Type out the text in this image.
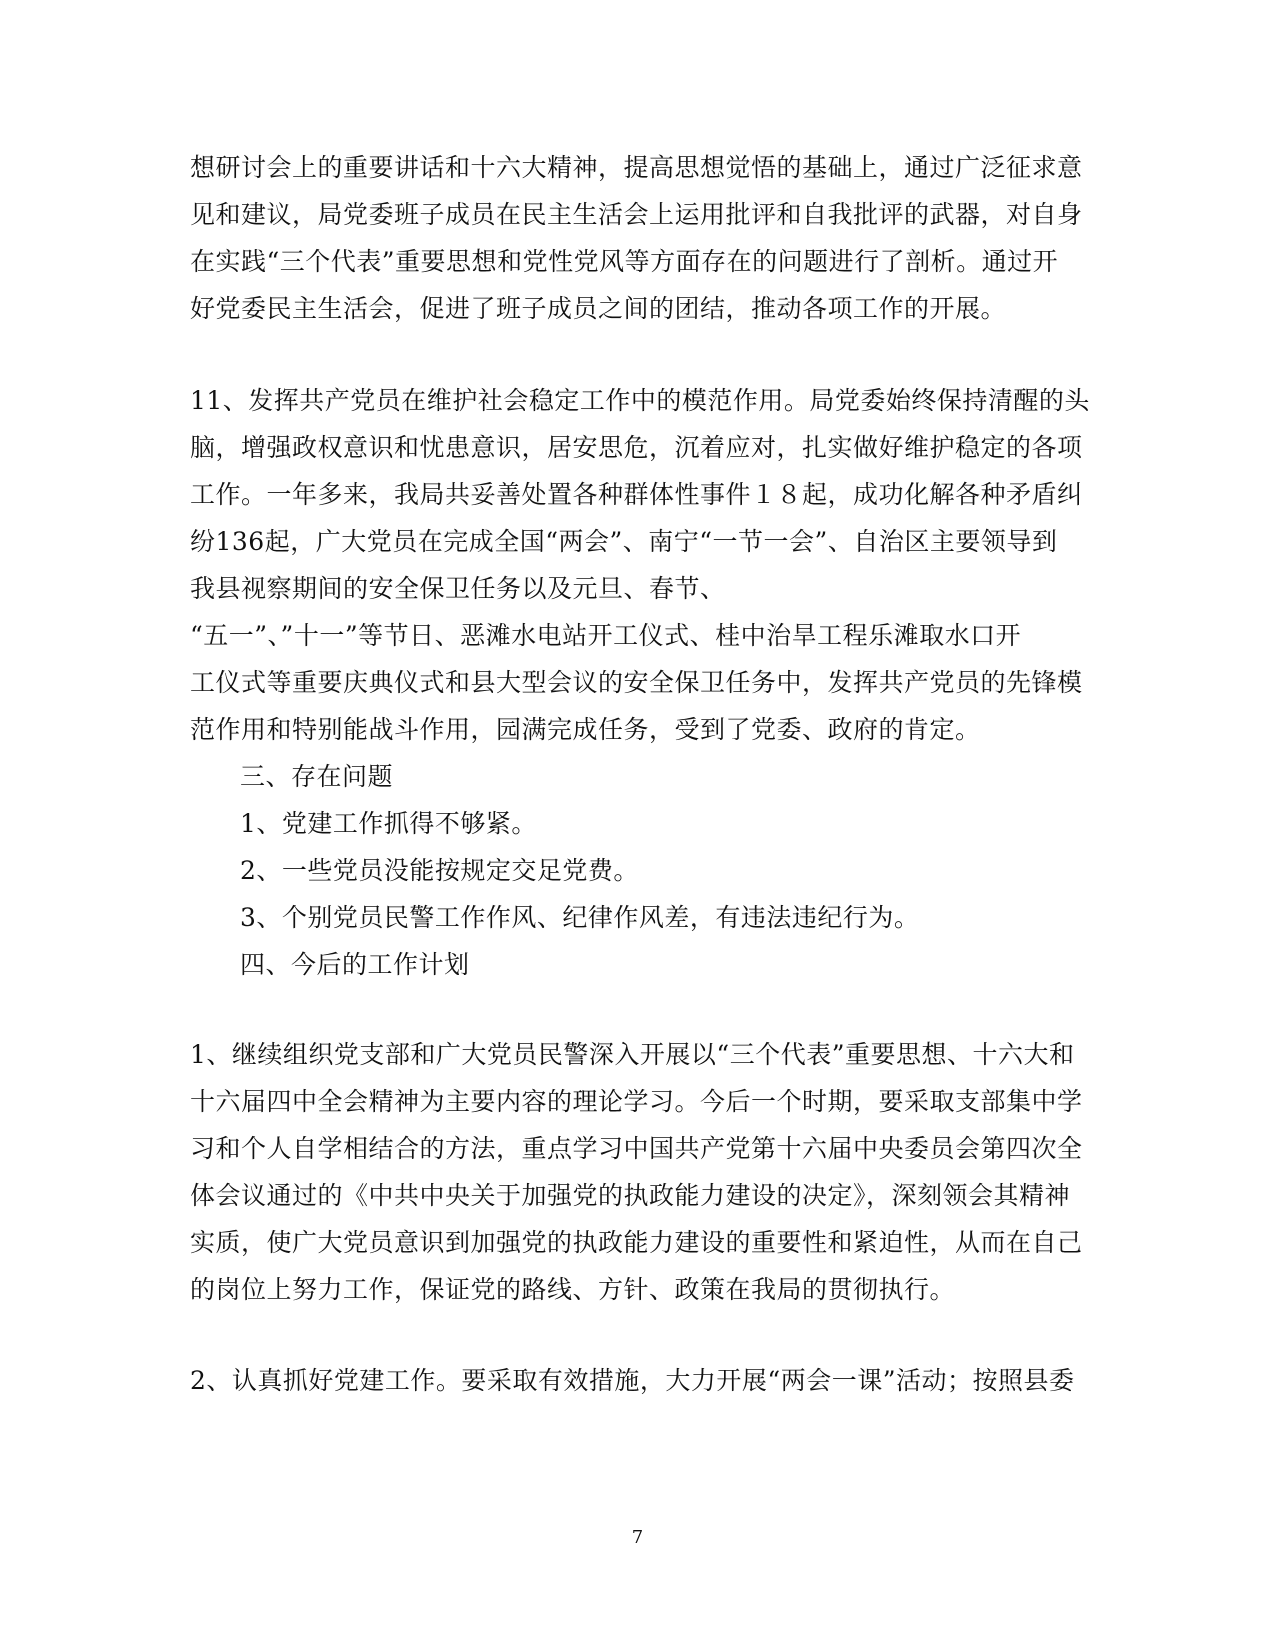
想研讨会上的重要讲话和十六大精神，提高思想觉悟的基础上，通过广泛征求意
见和建议，局党委班子成员在民主生活会上运用批评和自我批评的武器，对自身
在实践“三个代表”重要思想和党性党风等方面存在的问题进行了剖析。通过开
好党委民主生活会，促进了班子成员之间的团结，推动各项工作的开展。
11、发挥共产党员在维护社会稳定工作中的模范作用。局党委始终保持清醒的头
脑，增强政权意识和忧患意识，居安思危，沉着应对，扎实做好维护稳定的各项
工作。一年多来，我局共妥善处置各种群体性事件１８起，成功化解各种矛盾纠
纷136起，广大党员在完成全国“两会”、南宁“一节一会”、自治区主要领导到
我县视察期间的安全保卫任务以及元旦、春节、
“五一”、”十一”等节日、恶滩水电站开工仪式、桂中治旱工程乐滩取水口开
工仪式等重要庆典仪式和县大型会议的安全保卫任务中，发挥共产党员的先锋模
范作用和特别能战斗作用，园满完成任务，受到了党委、政府的肯定。
三、存在问题
1、党建工作抓得不够紧。
2、一些党员没能按规定交足党费。
3、个别党员民警工作作风、纪律作风差，有违法违纪行为。
四、今后的工作计划
1、继续组织党支部和广大党员民警深入开展以“三个代表”重要思想、十六大和
十六届四中全会精神为主要内容的理论学习。今后一个时期，要采取支部集中学
习和个人自学相结合的方法，重点学习中国共产党第十六届中央委员会第四次全
体会议通过的《中共中央关于加强党的执政能力建设的决定》，深刻领会其精神
实质，使广大党员意识到加强党的执政能力建设的重要性和紧迫性，从而在自己
的岗位上努力工作，保证党的路线、方针、政策在我局的贯彻执行。
2、认真抓好党建工作。要采取有效措施，大力开展“两会一课”活动；按照县委
7
